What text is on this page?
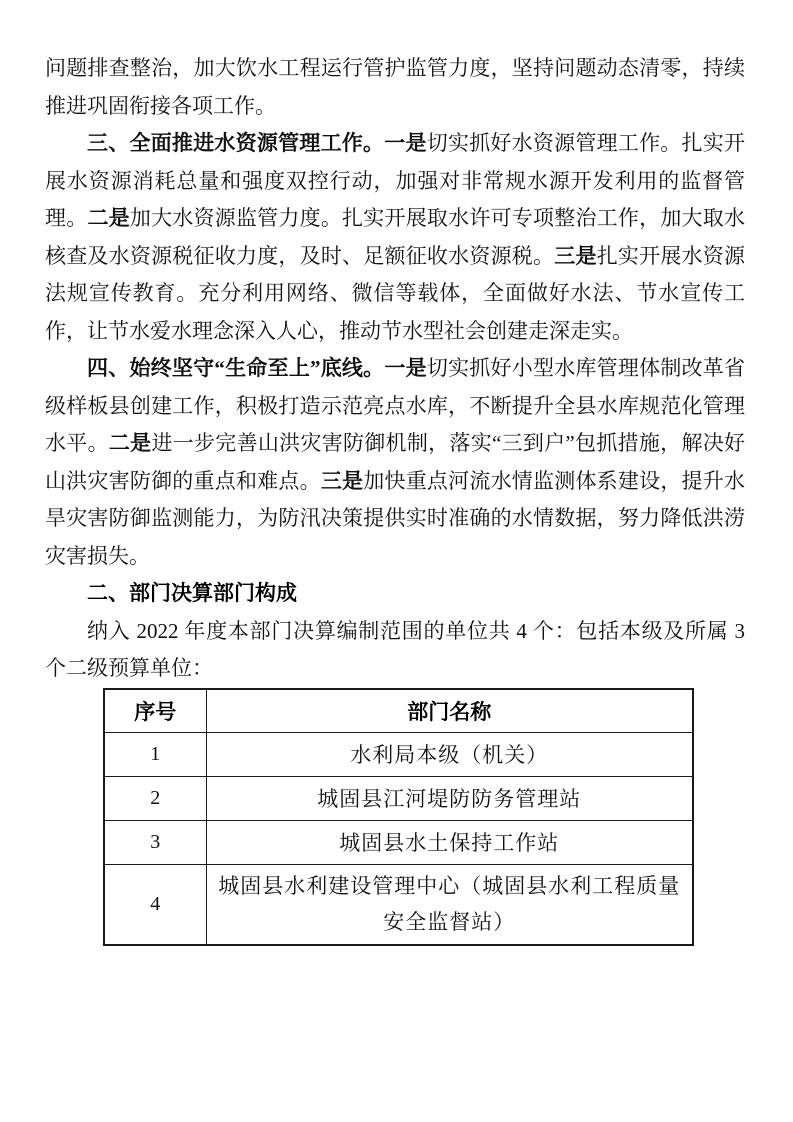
问题排查整治，加大饮水工程运行管护监管力度，坚持问题动态清零，持续推进巩固衔接各项工作。

三、全面推进水资源管理工作。一是切实抓好水资源管理工作。扎实开展水资源消耗总量和强度双控行动，加强对非常规水源开发利用的监督管理。二是加大水资源监管力度。扎实开展取水许可专项整治工作，加大取水核查及水资源税征收力度，及时、足额征收水资源税。三是扎实开展水资源法规宣传教育。充分利用网络、微信等载体，全面做好水法、节水宣传工作，让节水爱水理念深入人心，推动节水型社会创建走深走实。

四、始终坚守“生命至上”底线。一是切实抓好小型水库管理体制改革省级样板县创建工作，积极打造示范亮点水库，不断提升全县水库规范化管理水平。二是进一步完善山洪灾害防御机制，落实“三到户”包抓措施，解决好山洪灾害防御的重点和难点。三是加快重点河流水情监测体系建设，提升水旱灾害防御监测能力，为防汛决策提供实时准确的水情数据，努力降低洪涝灾害损失。

二、部门决算部门构成

纳入 2022 年度本部门决算编制范围的单位共 4 个：包括本级及所属 3 个二级预算单位：

序号	部门名称
1	水利局本级（机关）
2	城固县江河堤防防务管理站
3	城固县水土保持工作站
4	城固县水利建设管理中心（城固县水利工程质量安全监督站）
